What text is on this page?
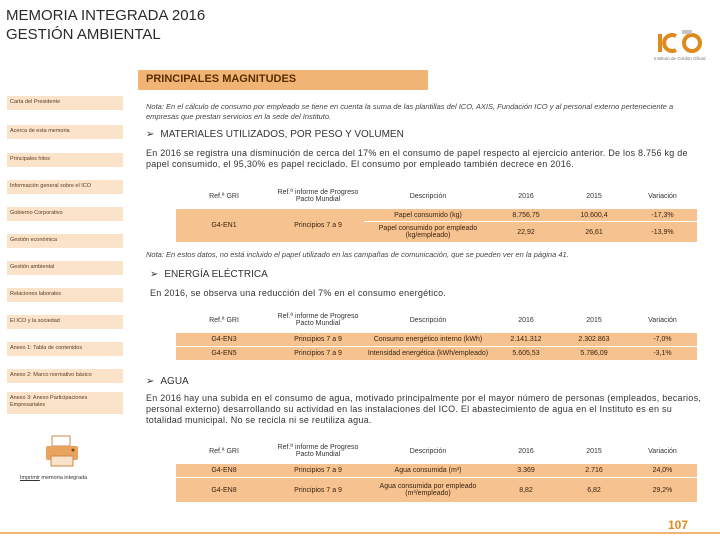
MEMORIA INTEGRADA 2016
GESTIÓN AMBIENTAL
Instituto de Crédito Oficial
PRINCIPALES MAGNITUDES
Carta del Presidente
Acerca de esta memoria
Principales hitos
Información general sobre el ICO
Gobierno Corporativo
Gestión económica
Gestión ambiental
Relaciones laborales
El ICO y la sociedad
Anexo 1: Tabla de contenidos
Anexo 2: Marco normativo básico
Anexo 3: Anexo Participaciones Empresariales
Imprimir memoria integrada
Nota: En el cálculo de consumo por empleado se tiene en cuenta la suma de las plantillas del ICO, AXIS, Fundación ICO y al personal externo perteneciente a empresas que prestan servicios en la sede del Instituto.
➢ MATERIALES UTILIZADOS, POR PESO Y VOLUMEN
En 2016 se registra una disminución de cerca del 17% en el consumo de papel respecto al ejercicio anterior. De los 8.756 kg de papel consumido, el 95,30% es papel reciclado. El consumo por empleado también decrece en 2016.
Ref.ª GRI	Ref.ª informe de Progreso Pacto Mundial	Descripción	2016	2015	Variación
G4-EN1	Principios 7 a 9	Papel consumido (kg)	8.756,75	10.600,4	-17,3%

		Papel consumido por empleado (kg/empleado)	22,92	26,61	-13,9%
Nota: En estos datos, no está incluido el papel utilizado en las campañas de comunicación, que se pueden ver en la página 41.
➢ ENERGÍA ELÉCTRICA
En 2016, se observa una reducción del 7% en el consumo energético.
Ref.ª GRI	Ref.ª informe de Progreso Pacto Mundial	Descripción	2016	2015	Variación
G4-EN3	Principios 7 a 9	Consumo energético interno (kWh)	2.141.312	2.302.863	-7,0%

G4-EN5	Principios 7 a 9	Intensidad energética (kWh/empleado)	5.605,53	5.786,09	-3,1%
➢ AGUA
En 2016 hay una subida en el consumo de agua, motivado principalmente por el mayor número de personas (empleados, becarios, personal externo) desarrollando su actividad en las instalaciones del ICO. El abastecimiento de agua en el Instituto es en su totalidad municipal. No se recicla ni se reutiliza agua.
Ref.ª GRI	Ref.ª informe de Progreso Pacto Mundial	Descripción	2016	2015	Variación
G4-EN8	Principios 7 a 9	Agua consumida (m³)	3.369	2.716	24,0%

G4-EN8	Principios 7 a 9	Agua consumida por empleado (m³/empleado)	8,82	6,82	29,2%
107
